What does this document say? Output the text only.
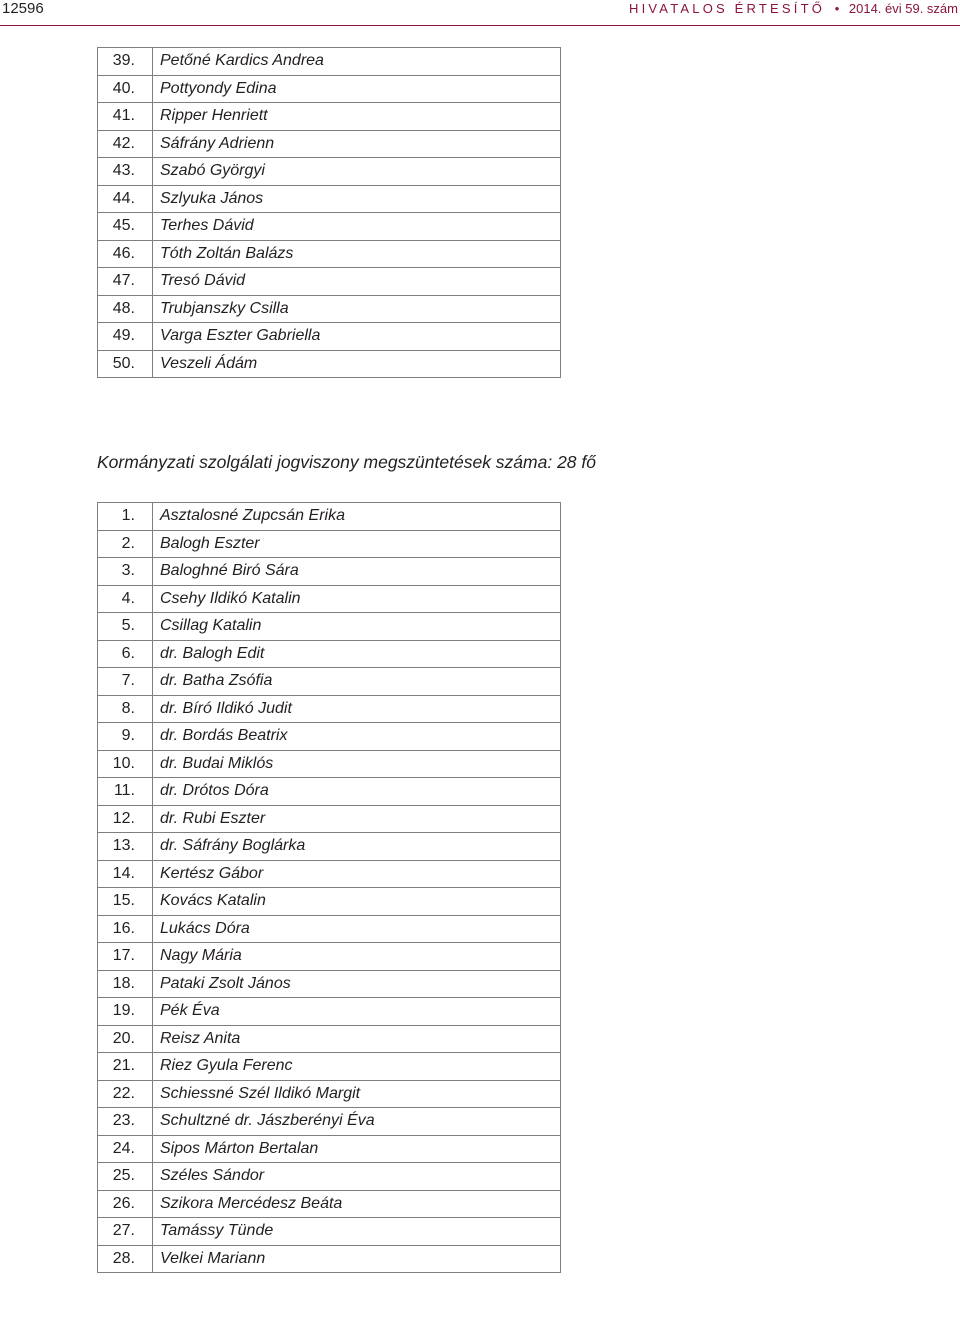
12596	HIVATALOS ÉRTESÍTŐ • 2014. évi 59. szám
39.	Petőné Kardics Andrea
40.	Pottyondy Edina
41.	Ripper Henriett
42.	Sáfrány Adrienn
43.	Szabó Györgyi
44.	Szlyuka János
45.	Terhes Dávid
46.	Tóth Zoltán Balázs
47.	Tresó Dávid
48.	Trubjanszky Csilla
49.	Varga Eszter Gabriella
50.	Veszeli Ádám
Kormányzati szolgálati jogviszony megszüntetések száma: 28 fő
1.	Asztalosné Zupcsán Erika
2.	Balogh Eszter
3.	Baloghné Biró Sára
4.	Csehy Ildikó Katalin
5.	Csillag Katalin
6.	dr. Balogh Edit
7.	dr. Batha Zsófia
8.	dr. Bíró Ildikó Judit
9.	dr. Bordás Beatrix
10.	dr. Budai Miklós
11.	dr. Drótos Dóra
12.	dr. Rubi Eszter
13.	dr. Sáfrány Boglárka
14.	Kertész Gábor
15.	Kovács Katalin
16.	Lukács Dóra
17.	Nagy Mária
18.	Pataki Zsolt János
19.	Pék Éva
20.	Reisz Anita
21.	Riez Gyula Ferenc
22.	Schiessné Szél Ildikó Margit
23.	Schultzné dr. Jászberényi Éva
24.	Sipos Márton Bertalan
25.	Széles Sándor
26.	Szikora Mercédesz Beáta
27.	Tamássy Tünde
28.	Velkei Mariann
